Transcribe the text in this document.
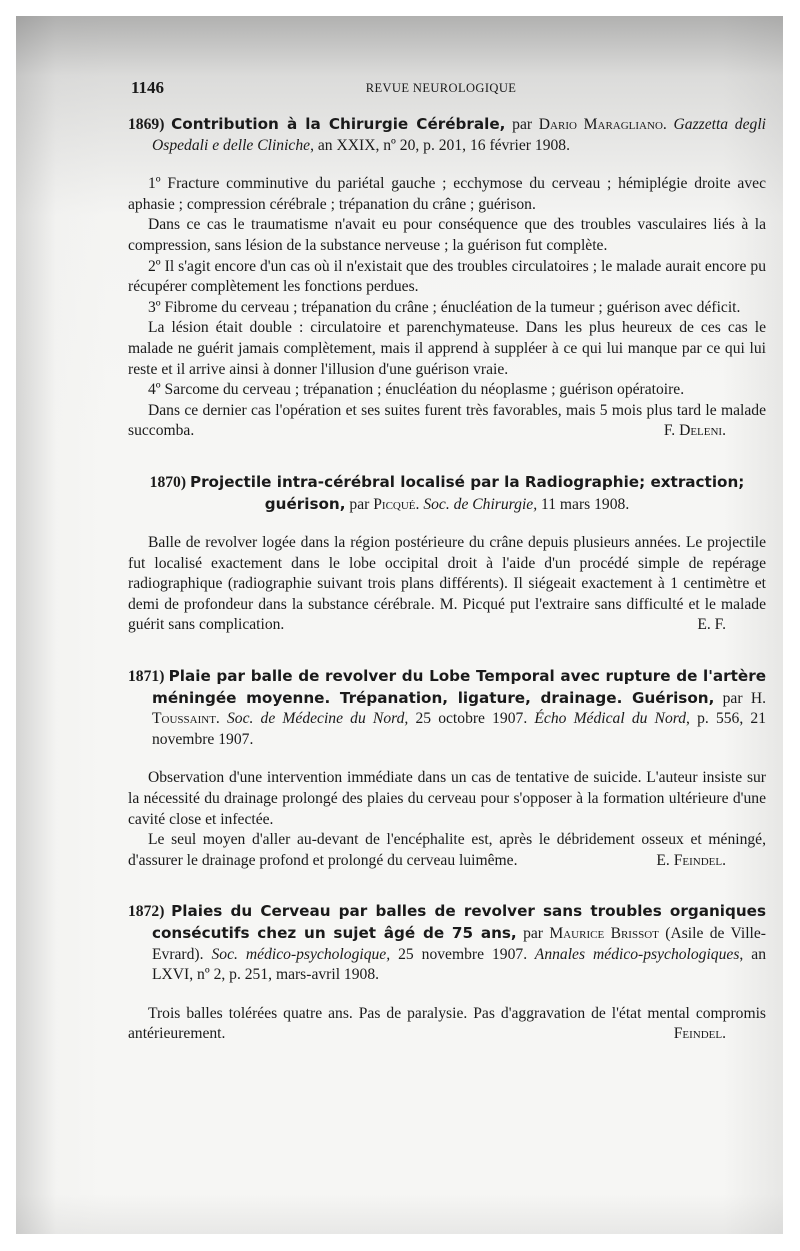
1146	REVUE NEUROLOGIQUE

1869) Contribution à la Chirurgie Cérébrale, par Dario Maragliano. Gazzetta degli Ospedali e delle Cliniche, an XXIX, nº 20, p. 201, 16 février 1908.

1º Fracture comminutive du pariétal gauche ; ecchymose du cerveau ; hémiplégie droite avec aphasie ; compression cérébrale ; trépanation du crâne ; guérison.

Dans ce cas le traumatisme n'avait eu pour conséquence que des troubles vasculaires liés à la compression, sans lésion de la substance nerveuse ; la guérison fut complète.

2º Il s'agit encore d'un cas où il n'existait que des troubles circulatoires ; le malade aurait encore pu récupérer complètement les fonctions perdues.

3º Fibrome du cerveau ; trépanation du crâne ; énucléation de la tumeur ; guérison avec déficit.

La lésion était double : circulatoire et parenchymateuse. Dans les plus heureux de ces cas le malade ne guérit jamais complètement, mais il apprend à suppléer à ce qui lui manque par ce qui lui reste et il arrive ainsi à donner l'illusion d'une guérison vraie.

4º Sarcome du cerveau ; trépanation ; énucléation du néoplasme ; guérison opératoire.

Dans ce dernier cas l'opération et ses suites furent très favorables, mais 5 mois plus tard le malade succomba.	F. Deleni.

1870) Projectile intra-cérébral localisé par la Radiographie; extraction; guérison, par Picqué. Soc. de Chirurgie, 11 mars 1908.

Balle de revolver logée dans la région postérieure du crâne depuis plusieurs années. Le projectile fut localisé exactement dans le lobe occipital droit à l'aide d'un procédé simple de repérage radiographique (radiographie suivant trois plans différents). Il siégeait exactement à 1 centimètre et demi de profondeur dans la substance cérébrale. M. Picqué put l'extraire sans difficulté et le malade guérit sans complication.	E. F.

1871) Plaie par balle de revolver du Lobe Temporal avec rupture de l'artère méningée moyenne. Trépanation, ligature, drainage. Guérison, par H. Toussaint. Soc. de Médecine du Nord, 25 octobre 1907. Écho Médical du Nord, p. 556, 21 novembre 1907.

Observation d'une intervention immédiate dans un cas de tentative de suicide. L'auteur insiste sur la nécessité du drainage prolongé des plaies du cerveau pour s'opposer à la formation ultérieure d'une cavité close et infectée.

Le seul moyen d'aller au-devant de l'encéphalite est, après le débridement osseux et méningé, d'assurer le drainage profond et prolongé du cerveau luimême.	E. Feindel.

1872) Plaies du Cerveau par balles de revolver sans troubles organiques consécutifs chez un sujet âgé de 75 ans, par Maurice Brissot (Asile de Ville-Evrard). Soc. médico-psychologique, 25 novembre 1907. Annales médico-psychologiques, an LXVI, nº 2, p. 251, mars-avril 1908.

Trois balles tolérées quatre ans. Pas de paralysie. Pas d'aggravation de l'état mental compromis antérieurement.	Feindel.
